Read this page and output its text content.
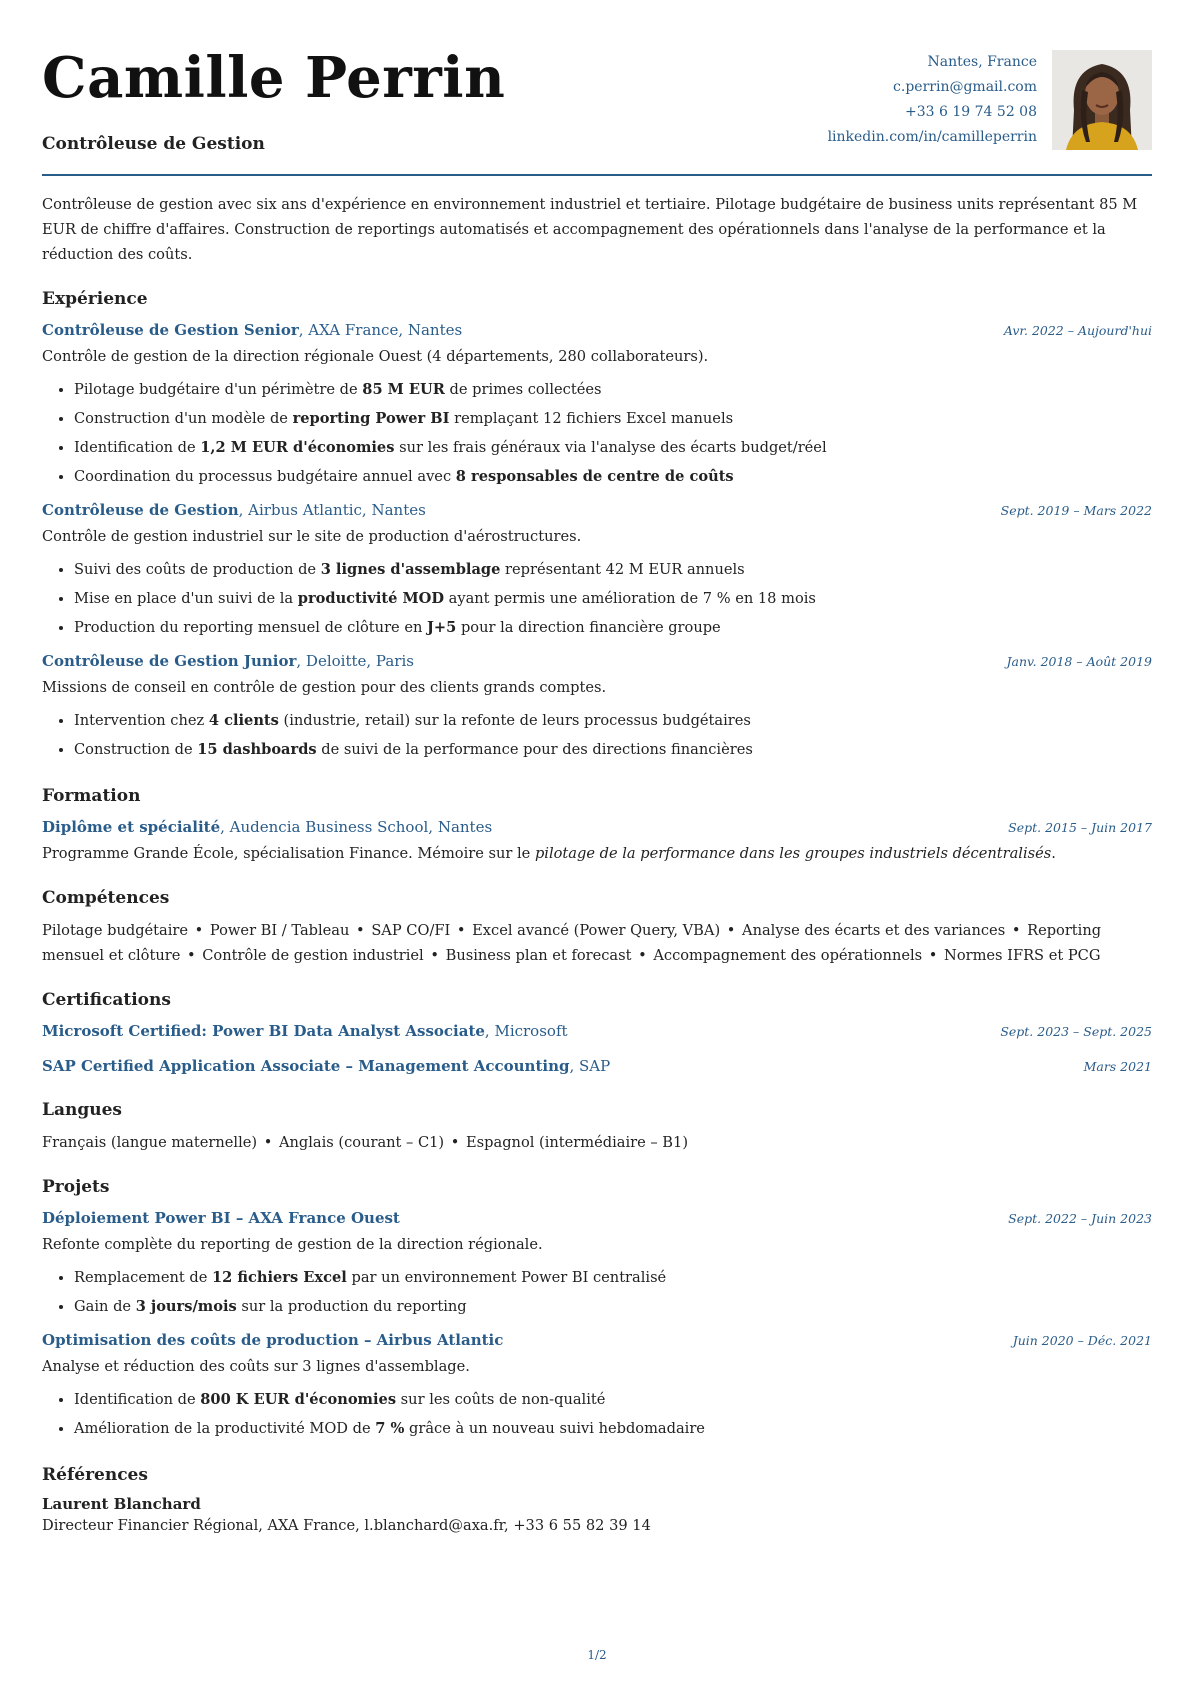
Camille Perrin
Contrôleuse de Gestion
Nantes, France
c.perrin@gmail.com
+33 6 19 74 52 08
linkedin.com/in/camilleperrin
Contrôleuse de gestion avec six ans d'expérience en environnement industriel et tertiaire. Pilotage budgétaire de business units représentant 85 M EUR de chiffre d'affaires. Construction de reportings automatisés et accompagnement des opérationnels dans l'analyse de la performance et la réduction des coûts.
Expérience
Contrôleuse de Gestion Senior, AXA France, Nantes	Avr. 2022 – Aujourd'hui
Contrôle de gestion de la direction régionale Ouest (4 départements, 280 collaborateurs).
• Pilotage budgétaire d'un périmètre de 85 M EUR de primes collectées
• Construction d'un modèle de reporting Power BI remplaçant 12 fichiers Excel manuels
• Identification de 1,2 M EUR d'économies sur les frais généraux via l'analyse des écarts budget/réel
• Coordination du processus budgétaire annuel avec 8 responsables de centre de coûts
Contrôleuse de Gestion, Airbus Atlantic, Nantes	Sept. 2019 – Mars 2022
Contrôle de gestion industriel sur le site de production d'aérostructures.
• Suivi des coûts de production de 3 lignes d'assemblage représentant 42 M EUR annuels
• Mise en place d'un suivi de la productivité MOD ayant permis une amélioration de 7 % en 18 mois
• Production du reporting mensuel de clôture en J+5 pour la direction financière groupe
Contrôleuse de Gestion Junior, Deloitte, Paris	Janv. 2018 – Août 2019
Missions de conseil en contrôle de gestion pour des clients grands comptes.
• Intervention chez 4 clients (industrie, retail) sur la refonte de leurs processus budgétaires
• Construction de 15 dashboards de suivi de la performance pour des directions financières
Formation
Diplôme et spécialité, Audencia Business School, Nantes	Sept. 2015 – Juin 2017
Programme Grande École, spécialisation Finance. Mémoire sur le pilotage de la performance dans les groupes industriels décentralisés.
Compétences
Pilotage budgétaire • Power BI / Tableau • SAP CO/FI • Excel avancé (Power Query, VBA) • Analyse des écarts et des variances • Reporting mensuel et clôture • Contrôle de gestion industriel • Business plan et forecast • Accompagnement des opérationnels • Normes IFRS et PCG
Certifications
Microsoft Certified: Power BI Data Analyst Associate, Microsoft	Sept. 2023 – Sept. 2025
SAP Certified Application Associate – Management Accounting, SAP	Mars 2021
Langues
Français (langue maternelle) • Anglais (courant – C1) • Espagnol (intermédiaire – B1)
Projets
Déploiement Power BI – AXA France Ouest	Sept. 2022 – Juin 2023
Refonte complète du reporting de gestion de la direction régionale.
• Remplacement de 12 fichiers Excel par un environnement Power BI centralisé
• Gain de 3 jours/mois sur la production du reporting
Optimisation des coûts de production – Airbus Atlantic	Juin 2020 – Déc. 2021
Analyse et réduction des coûts sur 3 lignes d'assemblage.
• Identification de 800 K EUR d'économies sur les coûts de non-qualité
• Amélioration de la productivité MOD de 7 % grâce à un nouveau suivi hebdomadaire
Références
Laurent Blanchard
Directeur Financier Régional, AXA France, l.blanchard@axa.fr, +33 6 55 82 39 14
1/2
